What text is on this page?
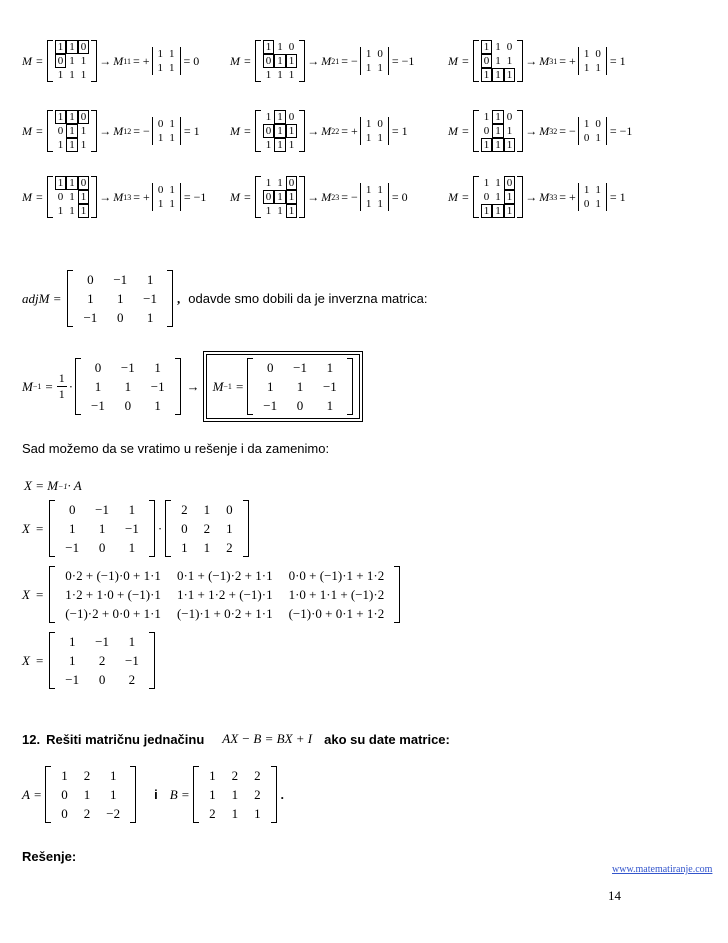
M =
1	1	0
0	1	1
1	1	1
→ M 11 = + 1	1
1	1
= 0	M =
1	1	0
0	1	1
1	1	1
→ M 21 = − 1	0
1	1
= −1	M =
1	1	0
0	1	1
1	1	1
→ M 31 = + 1	0
1	1
= 1
M =
1	1	0
0	1	1
1	1	1
→ M 12 = − 0	1
1	1
= 1	M =
1	1	0
0	1	1
1	1	1
→ M 22 = + 1	0
1	1
= 1	M =
1	1	0
0	1	1
1	1	1
→ M 32 = − 1	0
0	1
= −1
M =
1	1	0
0	1	1
1	1	1
→ M 13 = + 0	1
1	1
= −1 M =
1	1	0
0	1	1
1	1	1
→ M 23 = − 1	1
1	1
= 0	M =
1	1	0
0	1	1
1	1	1
→ M 33 = + 1	1
0	1
= 1
adjM =
0	−1	1
1	1	−1
−1	0	1
, odavde smo dobili da je inverzna matrica:
$M -1 = \frac{1}{1}$ ·
0	−1	1
1	1	−1
−1	0	1
→ M −1 =
0	−1	1
1	1	−1
−1	0	1
Sad možemo da se vratimo u rešenje i da zamenimo:
X = M −1 · A
X =
0	−1	1
1	1	−1
−1	0	1
·
2	1	0
0	2	1
1	1	2
X =
0·2 + (−1)·0 + 1·1	0·1 + (−1)·2 + 1·1	0·0 + (−1)·1 + 1·2
1·2 + 1·0 + (−1)·1	1·1 + 1·2 + (−1)·1	1·0 + 1·1 + (−1)·2
(−1)·2 + 0·0 + 1·1	(−1)·1 + 0·2 + 1·1	(−1)·0 + 0·1 + 1·2
X =
1	−1	1
1	2	−1
−1	0	2
12. Rešiti matričnu jednačinu AX − B = BX + I ako su date matrice:
A =
1	2	1
0	1	1
0	2	−2
i B =
1	2	2
1	1	2
2	1	1
.
Rešenje:
www.matematiranje.com
14
